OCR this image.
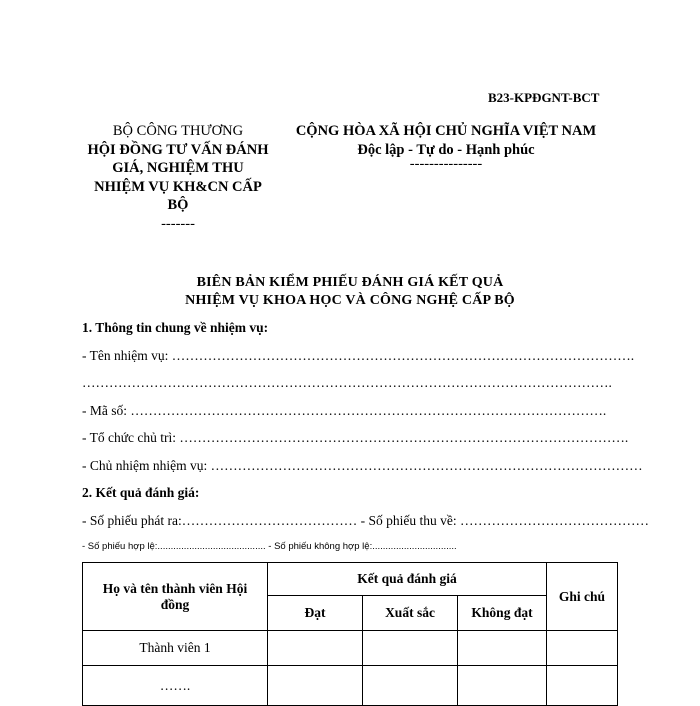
B23-KPĐGNT-BCT
BỘ CÔNG THƯƠNG
HỘI ĐỒNG TƯ VẤN ĐÁNH
GIÁ, NGHIỆM THU
NHIỆM VỤ KH&CN CẤP
BỘ
-------
CỘNG HÒA XÃ HỘI CHỦ NGHĨA VIỆT NAM
Độc lập - Tự do - Hạnh phúc
---------------
BIÊN BẢN KIỂM PHIẾU ĐÁNH GIÁ KẾT QUẢ
NHIỆM VỤ KHOA HỌC VÀ CÔNG NGHỆ CẤP BỘ
1. Thông tin chung về nhiệm vụ:
- Tên nhiệm vụ: ………………………………………………………………………………………….
……………………………………………………………………………………………………….
- Mã số: …………………………………………………………………………………………….
- Tổ chức chủ trì: ……………………………………………………………………………………….
- Chủ nhiệm nhiệm vụ: ……………………………………………………………………………………
2. Kết quả đánh giá:
- Số phiếu phát ra:………………………………… - Số phiếu thu về: ……………………………………
- Số phiếu hợp lệ:......................................... - Số phiếu không hợp lệ:................................
Họ và tên thành viên Hội đồng	Kết quả đánh giá			Ghi chú
	Đạt	Xuất sắc	Không đạt	
Thành viên 1				
…….				
